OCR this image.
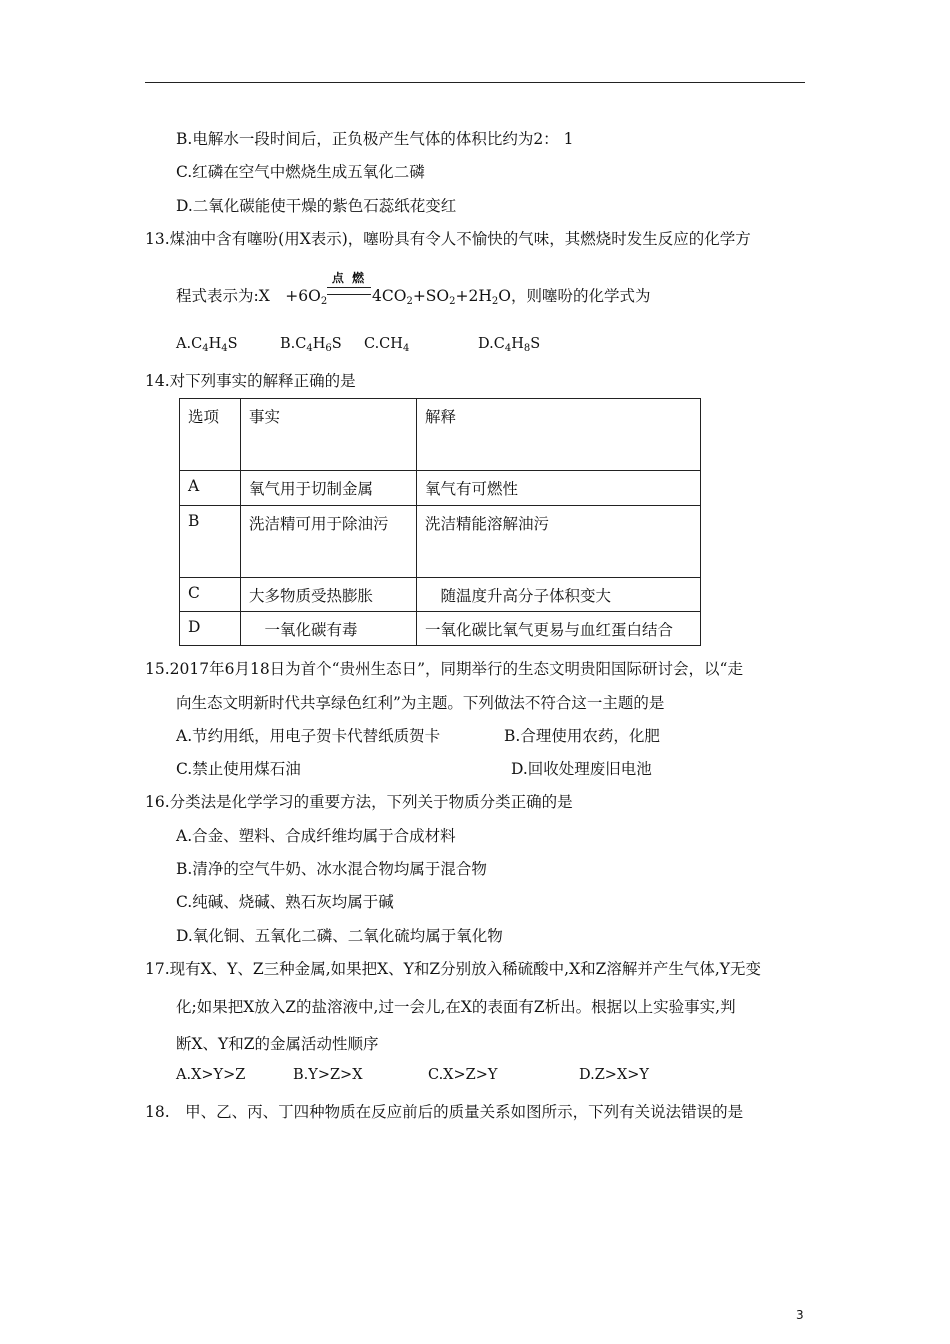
B.电解水一段时间后，正负极产生气体的体积比约为2： 1
C.红磷在空气中燃烧生成五氧化二磷
D.二氧化碳能使干燥的紫色石蕊纸花变红
13.煤油中含有噻吩(用X表示)，噻吩具有令人不愉快的气味，其燃烧时发生反应的化学方
程式表示为:X　$+6O_2$
点 燃
$4CO_2+SO_2+2H_2O$，则噻吩的化学式为
$A.C_4H_4S$	$B.C_4H_6S$ $C.CH_4$	$D.C_4H_8S$
14.对下列事实的解释正确的是
选项	事实	解释
A	氧气用于切制金属	氧气有可燃性
B	洗洁精可用于除油污	洗洁精能溶解油污
C	大多物质受热膨胀	　随温度升高分子体积变大
D	　一氧化碳有毒	一氧化碳比氧气更易与血红蛋白结合
15.2017年6月18日为首个“贵州生态日”，同期举行的生态文明贵阳国际研讨会，以“走
向生态文明新时代共享绿色红利”为主题。下列做法不符合这一主题的是
A.节约用纸，用电子贺卡代替纸质贺卡	B.合理使用农药，化肥
C.禁止使用煤石油	D.回收处理废旧电池
16.分类法是化学学习的重要方法，下列关于物质分类正确的是
A.合金、塑料、合成纤维均属于合成材料
B.清净的空气牛奶、冰水混合物均属于混合物
C.纯碱、烧碱、熟石灰均属于碱
D.氧化铜、五氧化二磷、二氧化硫均属于氧化物
17.现有X、Y、Z三种金属,如果把X、Y和Z分别放入稀硫酸中,X和Z溶解并产生气体,Y无变
化;如果把X放入Z的盐溶液中,过一会儿,在X的表面有Z析出。根据以上实验事实,判
断X、Y和Z的金属活动性顺序
A.X>Y>Z	B.Y>Z>X	C.X>Z>Y	D.Z>X>Y
18.　甲、乙、丙、丁四种物质在反应前后的质量关系如图所示，下列有关说法错误的是
3
